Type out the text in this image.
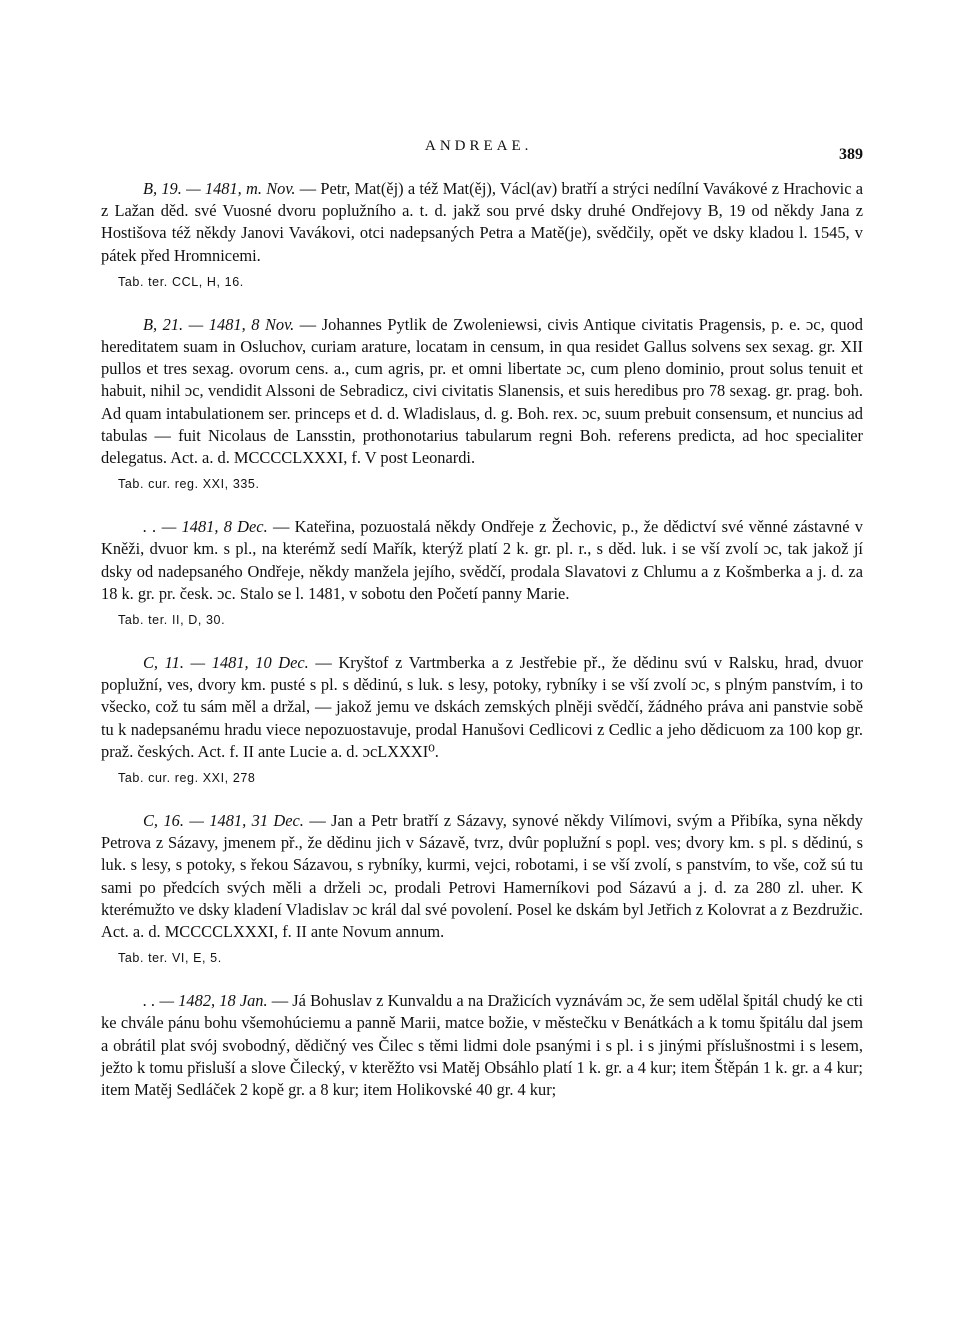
ANDREAE.	389

B, 19. — 1481, m. Nov. — Petr, Mat(ěj) a též Mat(ěj), Václ(av) bratří a strýci nedílní Vavákové z Hrachovic a z Lažan děd. své Vuosné dvoru poplužního a. t. d. jakž sou prvé dsky druhé Ondřejovy B, 19 od někdy Jana z Hostišova též někdy Janovi Vavákovi, otci nadepsaných Petra a Matě(je), svědčily, opět ve dsky kladou l. 1545, v pátek před Hromnicemi.

Tab. ter. CCL, H, 16.

B, 21. — 1481, 8 Nov. — Johannes Pytlik de Zwoleniewsi, civis Antique civitatis Pragensis, p. e. ɔc, quod hereditatem suam in Osluchov, curiam arature, locatam in censum, in qua residet Gallus solvens sex sexag. gr. XII pullos et tres sexag. ovorum cens. a., cum agris, pr. et omni libertate ɔc, cum pleno dominio, prout solus tenuit et habuit, nihil ɔc, vendidit Alssoni de Sebradicz, civi civitatis Slanensis, et suis heredibus pro 78 sexag. gr. prag. boh. Ad quam intabulationem ser. princeps et d. d. Wladislaus, d. g. Boh. rex. ɔc, suum prebuit consensum, et nuncius ad tabulas — fuit Nicolaus de Lansstin, prothonotarius tabularum regni Boh. referens predicta, ad hoc specialiter delegatus. Act. a. d. MCCCCLXXXI, f. V post Leonardi.

Tab. cur. reg. XXI, 335.

. . — 1481, 8 Dec. — Kateřina, pozuostalá někdy Ondřeje z Žechovic, p., že dědictví své věnné zástavné v Kněži, dvuor km. s pl., na kterémž sedí Mařík, kterýž platí 2 k. gr. pl. r., s děd. luk. i se vší zvolí ɔc, tak jakož jí dsky od nadepsaného Ondřeje, někdy manžela jejího, svědčí, prodala Slavatovi z Chlumu a z Košmberka a j. d. za 18 k. gr. pr. česk. ɔc. Stalo se l. 1481, v sobotu den Početí panny Marie.

Tab. ter. II, D, 30.

C, 11. — 1481, 10 Dec. — Kryštof z Vartmberka a z Jestřebie př., že dědinu svú v Ralsku, hrad, dvuor poplužní, ves, dvory km. pusté s pl. s dědinú, s luk. s lesy, potoky, rybníky i se vší zvolí ɔc, s plným panstvím, i to všecko, což tu sám měl a držal, — jakož jemu ve dskách zemských plněji svědčí, žádného práva ani panstvie sobě tu k nadepsanému hradu viece nepozuostavuje, prodal Hanušovi Cedlicovi z Cedlic a jeho dědicuom za 100 kop gr. praž. českých. Act. f. II ante Lucie a. d. ɔcLXXXI⁰.

Tab. cur. reg. XXI, 278

C, 16. — 1481, 31 Dec. — Jan a Petr bratří z Sázavy, synové někdy Vilímovi, svým a Přibíka, syna někdy Petrova z Sázavy, jmenem př., že dědinu jich v Sázavě, tvrz, dvûr poplužní s popl. ves; dvory km. s pl. s dědinú, s luk. s lesy, s potoky, s řekou Sázavou, s rybníky, kurmi, vejci, robotami, i se vší zvolí, s panstvím, to vše, což sú tu sami po předcích svých měli a drželi ɔc, prodali Petrovi Hamerníkovi pod Sázavú a j. d. za 280 zl. uher. K kterémužto ve dsky kladení Vladislav ɔc král dal své povolení. Posel ke dskám byl Jetřich z Kolovrat a z Bezdružic. Act. a. d. MCCCCLXXXI, f. II ante Novum annum.

Tab. ter. VI, E, 5.

. . — 1482, 18 Jan. — Já Bohuslav z Kunvaldu a na Dražicích vyznávám ɔc, že sem udělal špitál chudý ke cti ke chvále pánu bohu všemohúciemu a panně Marii, matce božie, v městečku v Benátkách a k tomu špitálu dal jsem a obrátil plat svój svobodný, dědičný ves Čilec s těmi lidmi dole psanými i s pl. i s jinými příslušnostmi i s lesem, ježto k tomu přisluší a slove Čilecký, v kterěžto vsi Matěj Obsáhlo platí 1 k. gr. a 4 kur; item Štěpán 1 k. gr. a 4 kur; item Matěj Sedláček 2 kopě gr. a 8 kur; item Holikovské 40 gr. 4 kur;
